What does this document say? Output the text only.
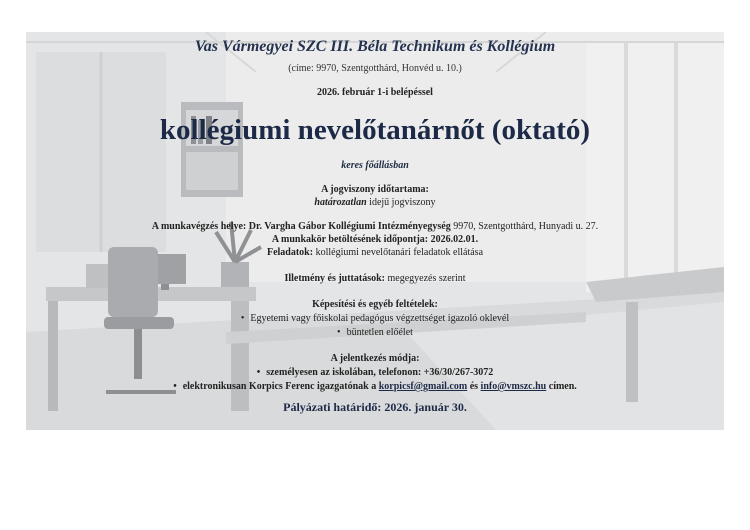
Vas Vármegyei SZC III. Béla Technikum és Kollégium
(címe: 9970, Szentgotthárd, Honvéd u. 10.)
2026. február 1-i belépéssel
kollégiumi nevelőtanárnőt (oktató)
keres főállásban
A jogviszony időtartama:
határozatlan idejű jogviszony
A munkavégzés helye: Dr. Vargha Gábor Kollégiumi Intézményegység 9970, Szentgotthárd, Hunyadi u. 27.
A munkakör betöltésének időpontja: 2026.02.01.
Feladatok: kollégiumi nevelőtanári feladatok ellátása
Illetmény és juttatások: megegyezés szerint
Képesítési és egyéb feltételek:
• Egyetemi vagy főiskolai pedagógus végzettséget igazoló oklevél
• büntetlen előélet
A jelentkezés módja:
• személyesen az iskolában, telefonon: +36/30/267-3072
• elektronikusan Korpics Ferenc igazgatónak a korpicsf@gmail.com és info@vmszc.hu címen.
Pályázati határidő: 2026. január 30.
